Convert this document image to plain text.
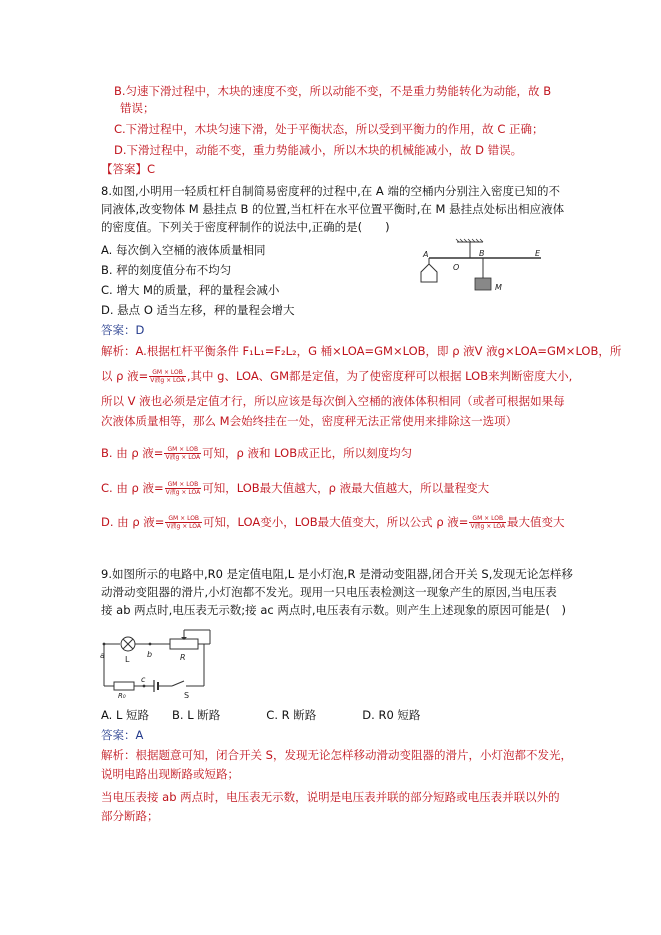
B.匀速下滑过程中，木块的速度不变，所以动能不变，不是重力势能转化为动能，故 B
错误；
C.下滑过程中，木块匀速下滑，处于平衡状态，所以受到平衡力的作用，故 C 正确；
D.下滑过程中，动能不变，重力势能减小，所以木块的机械能减小，故 D 错误。
【答案】C
8.如图,小明用一轻质杠杆自制简易密度秤的过程中,在 A 端的空桶内分别注入密度已知的不
同液体,改变物体 M 悬挂点 B 的位置,当杠杆在水平位置平衡时,在 M 悬挂点处标出相应液体
的密度值。下列关于密度秤制作的说法中,正确的是(　　)
A. 每次倒入空桶的液体质量相同
B. 秤的刻度值分布不均匀
C. 增大 M的质量，秤的量程会减小
D. 悬点 O 适当左移，秤的量程会增大
A
O
B	E
M
答案：D
解析：A.根据杠杆平衡条件 F₁L₁=F₂L₂，G 桶×LOA=GM×LOB，即 ρ 液V 液g×LOA=GM×LOB，所
以 ρ 液= $\frac{\text{GM × LOB}}{\text{V液g × LOA}}$ ,其中 g、LOA、GM都是定值，为了使密度秤可以根据 LOB来判断密度大小,
所以 V 液也必须是定值才行，所以应该是每次倒入空桶的液体体积相同（或者可根据如果每
次液体质量相等，那么 M会始终挂在一处，密度秤无法正常使用来排除这一选项）
B. 由 ρ 液= $\frac{\text{GM × LOB}}{\text{V液g × LOA}}$ 可知，ρ 液和 LOB成正比，所以刻度均匀
C. 由 ρ 液= $\frac{\text{GM × LOB}}{\text{V液g × LOA}}$ 可知，LOB最大值越大，ρ 液最大值越大，所以量程变大
D. 由 ρ 液= $\frac{\text{GM × LOB}}{\text{V液g × LOA}}$ 可知，LOA变小，LOB最大值变大，所以公式 ρ 液= $\frac{\text{GM × LOB}}{\text{V液g × LOA}}$ 最大值变大
9.如图所示的电路中,R0 是定值电阻,L 是小灯泡,R 是滑动变阻器,闭合开关 S,发现无论怎样移
动滑动变阻器的滑片,小灯泡都不发光。现用一只电压表检测这一现象产生的原因,当电压表
接 ab 两点时,电压表无示数;接 ac 两点时,电压表有示数。则产生上述现象的原因可能是(　)
a	L
b	R
R₀
c
S
A. L 短路　　B. L 断路　　　　C. R 断路　　　　D. R0 短路
答案：A
解析：根据题意可知，闭合开关 S，发现无论怎样移动滑动变阻器的滑片，小灯泡都不发光，
说明电路出现断路或短路；
当电压表接 ab 两点时，电压表无示数，说明是电压表并联的部分短路或电压表并联以外的
部分断路；
